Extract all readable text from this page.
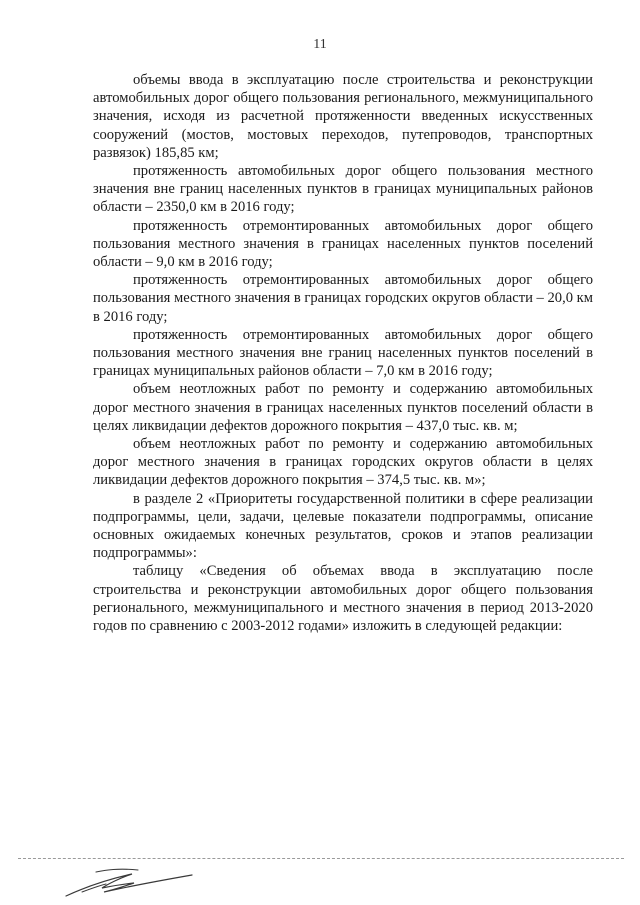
11

объемы ввода в эксплуатацию после строительства и реконструкции автомобильных дорог общего пользования регионального, межмуниципального значения, исходя из расчетной протяженности введенных искусственных сооружений (мостов, мостовых переходов, путепроводов, транспортных развязок) 185,85 км;

протяженность автомобильных дорог общего пользования местного значения вне границ населенных пунктов в границах муниципальных районов области – 2350,0 км в 2016 году;

протяженность отремонтированных автомобильных дорог общего пользования местного значения в границах населенных пунктов поселений области – 9,0 км в 2016 году;

протяженность отремонтированных автомобильных дорог общего пользования местного значения в границах городских округов области – 20,0 км в 2016 году;

протяженность отремонтированных автомобильных дорог общего пользования местного значения вне границ населенных пунктов поселений в границах муниципальных районов области – 7,0 км в 2016 году;

объем неотложных работ по ремонту и содержанию автомобильных дорог местного значения в границах населенных пунктов поселений области в целях ликвидации дефектов дорожного покрытия – 437,0 тыс. кв. м;

объем неотложных работ по ремонту и содержанию автомобильных дорог местного значения в границах городских округов области в целях ликвидации дефектов дорожного покрытия – 374,5 тыс. кв. м»;

в разделе 2 «Приоритеты государственной политики в сфере реализации подпрограммы, цели, задачи, целевые показатели подпрограммы, описание основных ожидаемых конечных результатов, сроков и этапов реализации подпрограммы»:

таблицу «Сведения об объемах ввода в эксплуатацию после строительства и реконструкции автомобильных дорог общего пользования регионального, межмуниципального и местного значения в период 2013-2020 годов по сравнению с 2003-2012 годами» изложить в следующей редакции:
